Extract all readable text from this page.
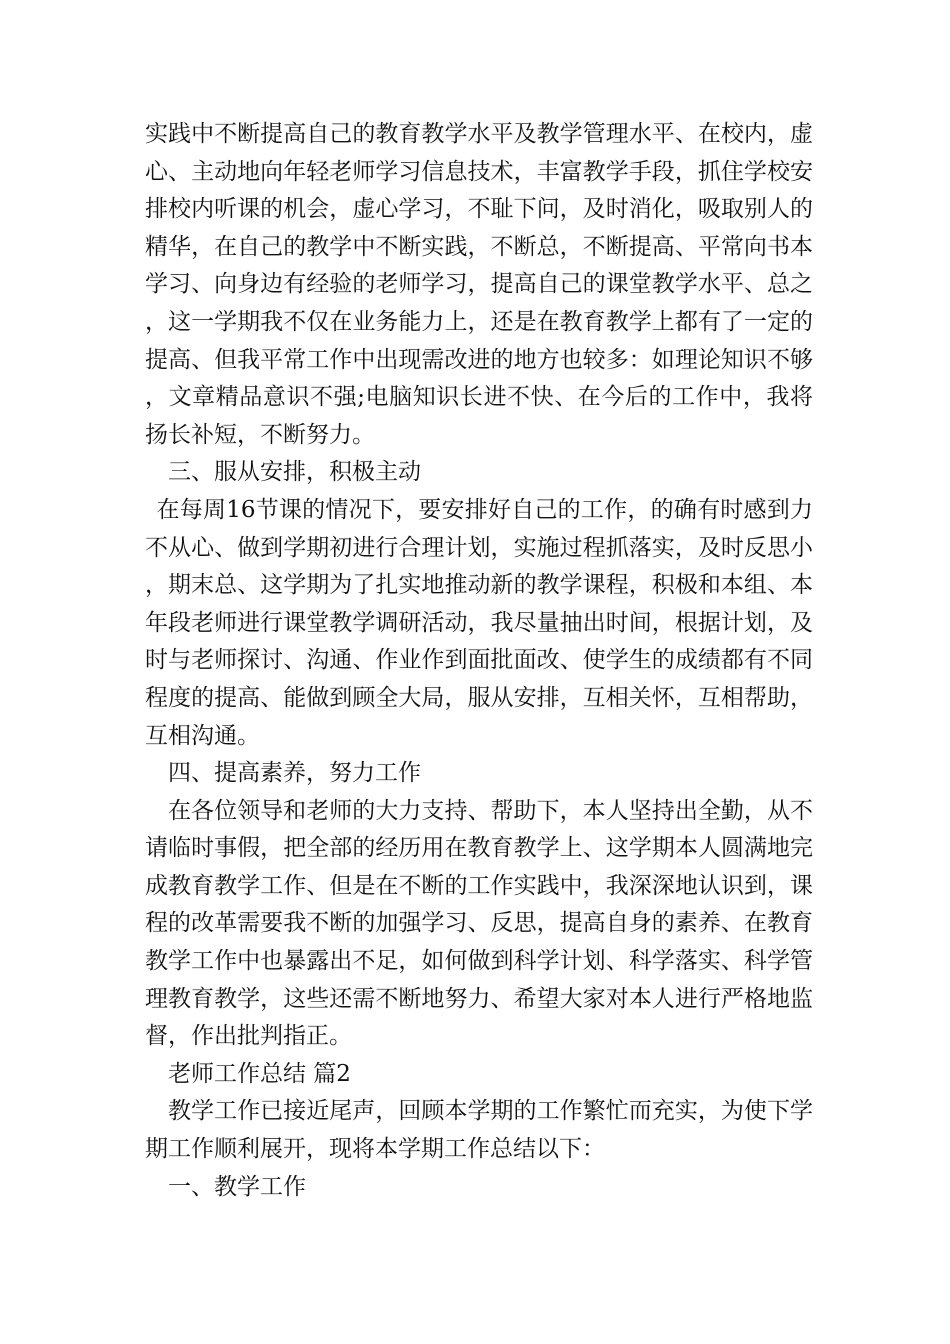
实践中不断提高自己的教育教学水平及教学管理水平、在校内，虚心、主动地向年轻老师学习信息技术，丰富教学手段，抓住学校安排校内听课的机会，虚心学习，不耻下问，及时消化，吸取别人的精华，在自己的教学中不断实践，不断总，不断提高、平常向书本学习、向身边有经验的老师学习，提高自己的课堂教学水平、总之，这一学期我不仅在业务能力上，还是在教育教学上都有了一定的提高、但我平常工作中出现需改进的地方也较多：如理论知识不够，文章精品意识不强;电脑知识长进不快、在今后的工作中，我将扬长补短，不断努力。

三、服从安排，积极主动

在每周16节课的情况下，要安排好自己的工作，的确有时感到力不从心、做到学期初进行合理计划，实施过程抓落实，及时反思小，期末总、这学期为了扎实地推动新的教学课程，积极和本组、本年段老师进行课堂教学调研活动，我尽量抽出时间，根据计划，及时与老师探讨、沟通、作业作到面批面改、使学生的成绩都有不同程度的提高、能做到顾全大局，服从安排，互相关怀，互相帮助，互相沟通。

四、提高素养，努力工作

在各位领导和老师的大力支持、帮助下，本人坚持出全勤，从不请临时事假，把全部的经历用在教育教学上、这学期本人圆满地完成教育教学工作、但是在不断的工作实践中，我深深地认识到，课程的改革需要我不断的加强学习、反思，提高自身的素养、在教育教学工作中也暴露出不足，如何做到科学计划、科学落实、科学管理教育教学，这些还需不断地努力、希望大家对本人进行严格地监督，作出批判指正。

老师工作总结 篇2

教学工作已接近尾声，回顾本学期的工作繁忙而充实，为使下学期工作顺利展开，现将本学期工作总结以下：

一、教学工作
